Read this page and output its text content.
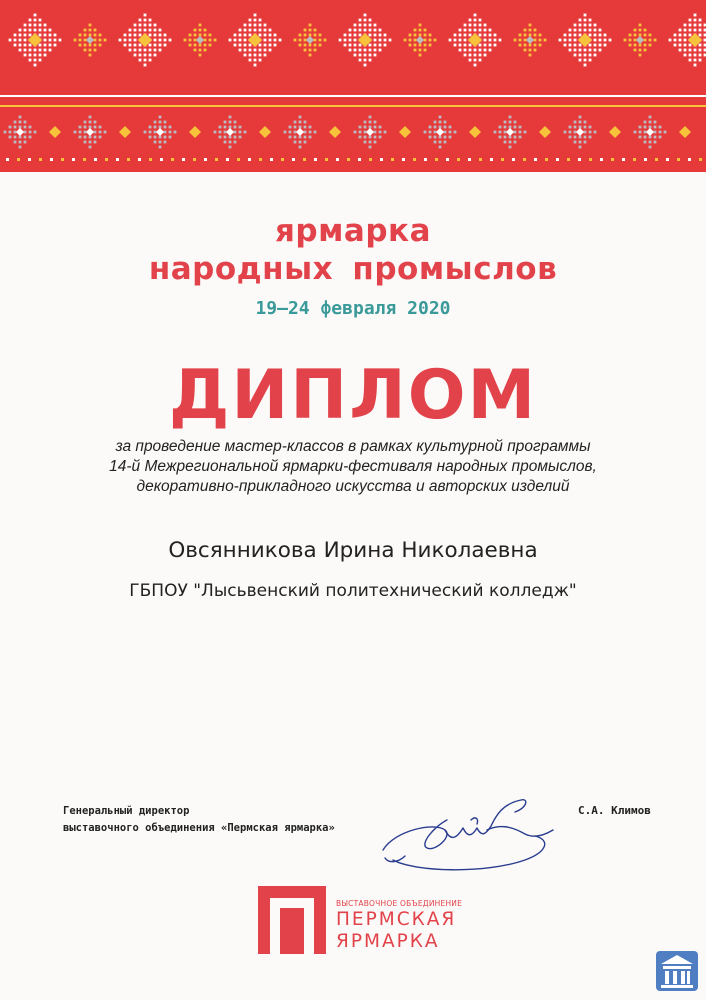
ярмарка
народных промыслов
19–24 февраля 2020
ДИПЛОМ
за проведение мастер-классов в рамках культурной программы
14-й Межрегиональной ярмарки-фестиваля народных промыслов,
декоративно-прикладного искусства и авторских изделий
Овсянникова Ирина Николаевна
ГБПОУ "Лысьвенский политехнический колледж"
Генеральный директор
выставочного объединения «Пермская ярмарка»
С.А. Климов
ВЫСТАВОЧНОЕ ОБЪЕДИНЕНИЕ
ПЕРМСКАЯ
ЯРМАРКА
